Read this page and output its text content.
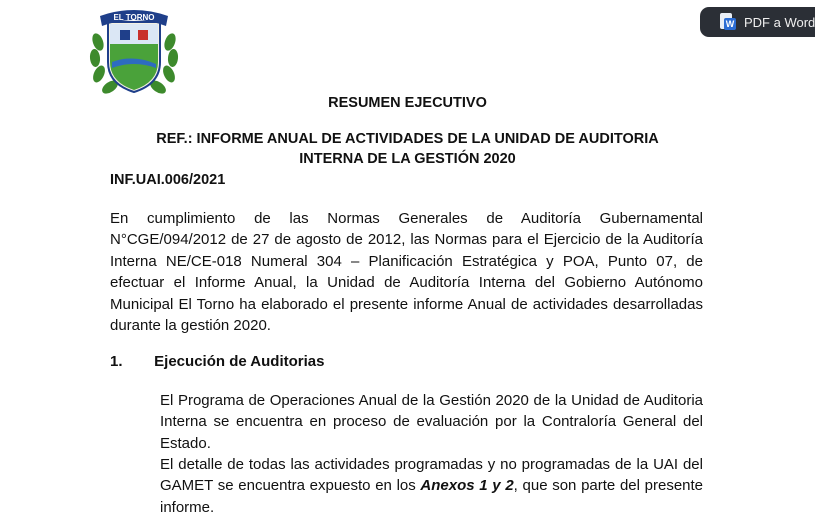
EL TORNO
W PDF a Word
RESUMEN EJECUTIVO
REF.: INFORME ANUAL DE ACTIVIDADES DE LA UNIDAD DE AUDITORIA
INTERNA DE LA GESTIÓN 2020
INF.UAI.006/2021
En cumplimiento de las Normas Generales de Auditoría Gubernamental N°CGE/094/2012 de 27 de agosto de 2012, las Normas para el Ejercicio de la Auditoría Interna NE/CE-018 Numeral 304 – Planificación Estratégica y POA, Punto 07, de efectuar el Informe Anual, la Unidad de Auditoría Interna del Gobierno Autónomo Municipal El Torno ha elaborado el presente informe Anual de actividades desarrolladas durante la gestión 2020.
1. Ejecución de Auditorias
El Programa de Operaciones Anual de la Gestión 2020 de la Unidad de Auditoria Interna se encuentra en proceso de evaluación por la Contraloría General del Estado.
El detalle de todas las actividades programadas y no programadas de la UAI del GAMET se encuentra expuesto en los Anexos 1 y 2, que son parte del presente informe.
